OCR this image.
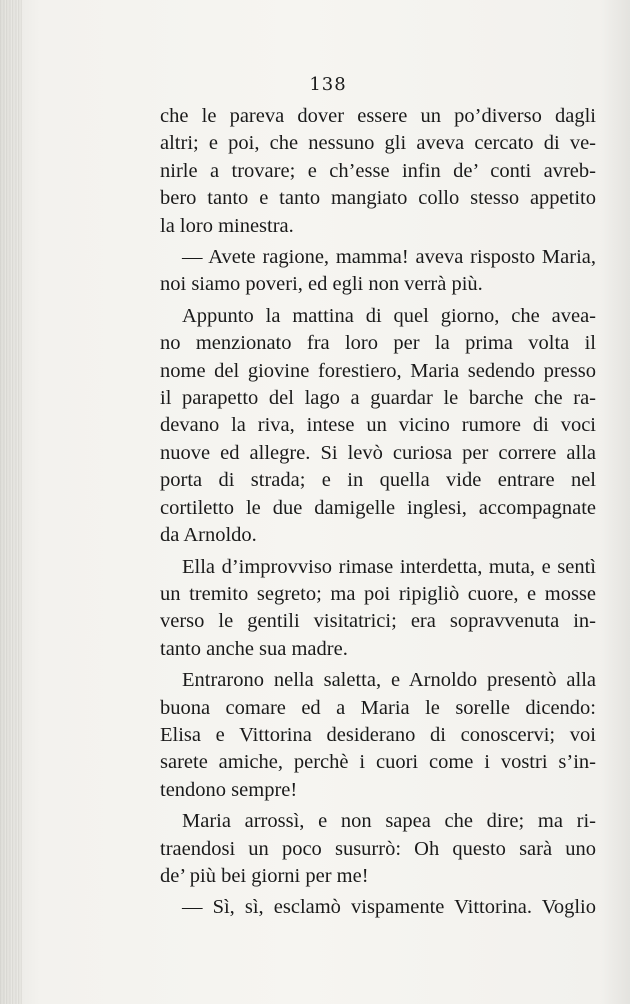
138
che le pareva dover essere un po’diverso dagli
altri; e poi, che nessuno gli aveva cercato di ve-
nirle a trovare; e ch’esse infin de’ conti avreb-
bero tanto e tanto mangiato collo stesso appetito
la loro minestra.
— Avete ragione, mamma! aveva risposto Maria,
noi siamo poveri, ed egli non verrà più.
Appunto la mattina di quel giorno, che avea-
no menzionato fra loro per la prima volta il
nome del giovine forestiero, Maria sedendo presso
il parapetto del lago a guardar le barche che ra-
devano la riva, intese un vicino rumore di voci
nuove ed allegre. Si levò curiosa per correre alla
porta di strada; e in quella vide entrare nel
cortiletto le due damigelle inglesi, accompagnate
da Arnoldo.
Ella d’improvviso rimase interdetta, muta, e sentì
un tremito segreto; ma poi ripigliò cuore, e mosse
verso le gentili visitatrici; era sopravvenuta in-
tanto anche sua madre.
Entrarono nella saletta, e Arnoldo presentò alla
buona comare ed a Maria le sorelle dicendo:
Elisa e Vittorina desiderano di conoscervi; voi
sarete amiche, perchè i cuori come i vostri s’in-
tendono sempre!
Maria arrossì, e non sapea che dire; ma ri-
traendosi un poco susurrò: Oh questo sarà uno
de’ più bei giorni per me!
— Sì, sì, esclamò vispamente Vittorina. Voglio
